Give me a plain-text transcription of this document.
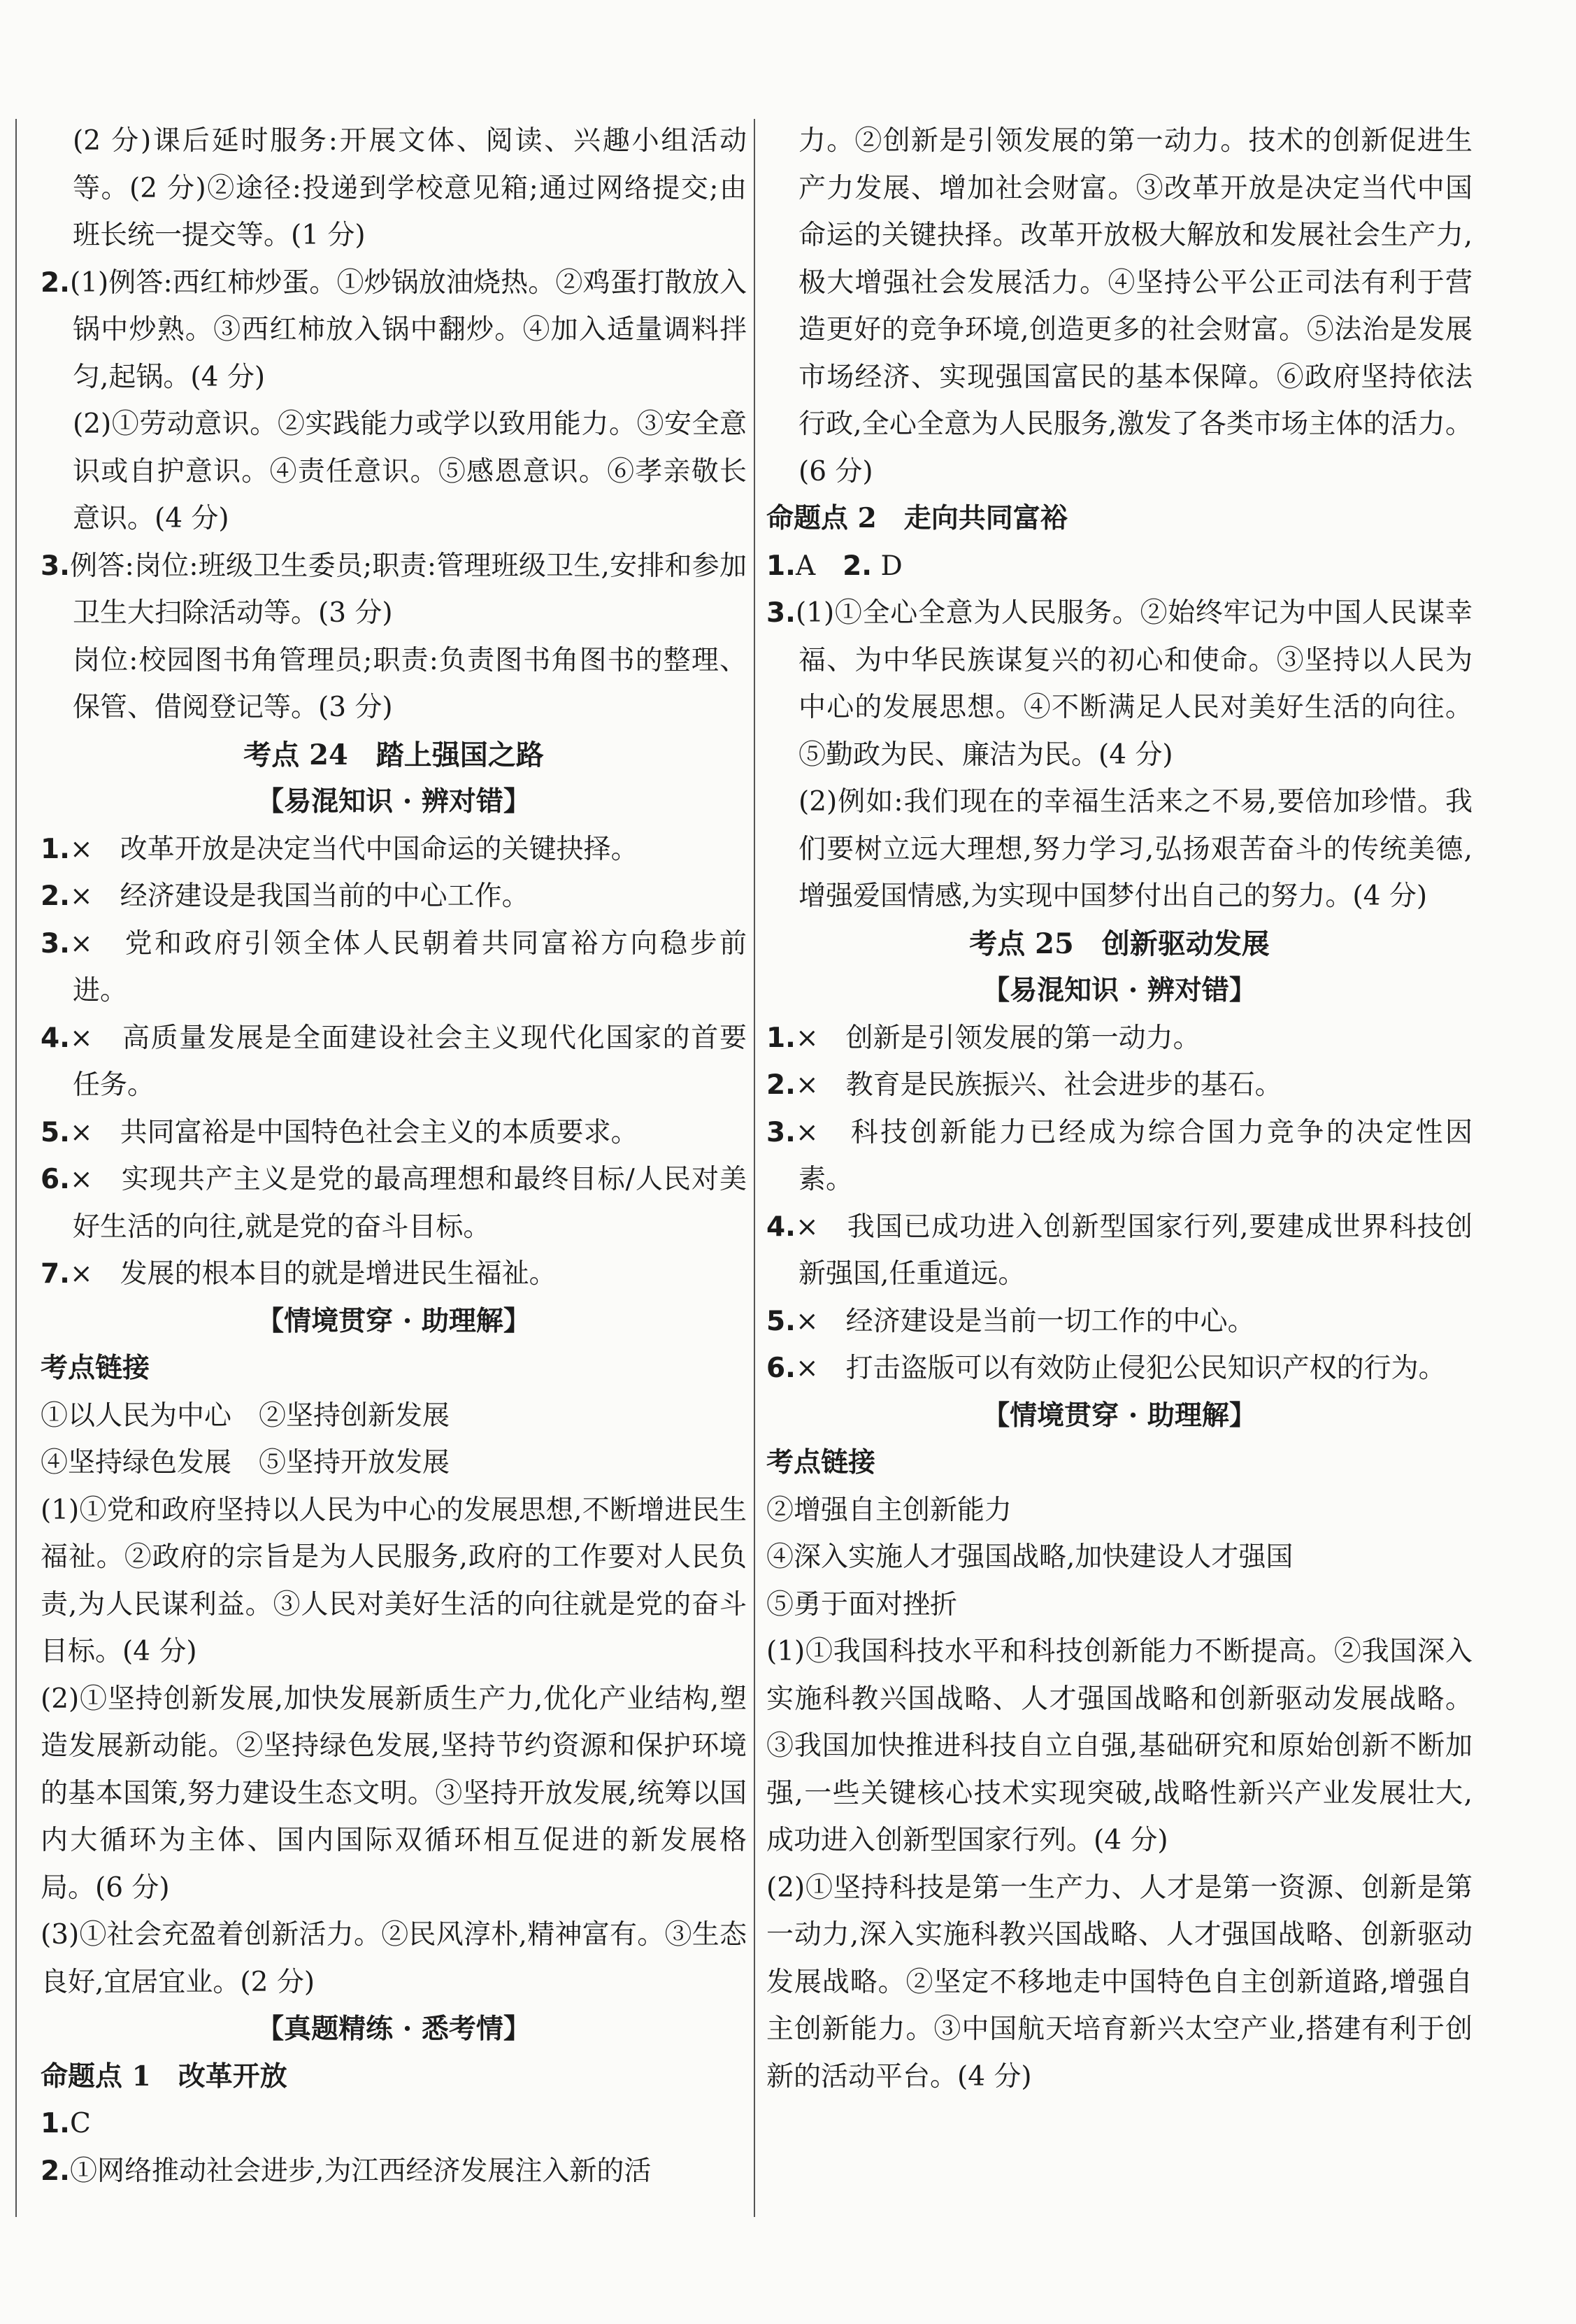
(2 分)课后延时服务:开展文体、阅读、兴趣小组活动等。(2 分)②途径:投递到学校意见箱;通过网络提交;由班长统一提交等。(1 分)

2.(1)例答:西红柿炒蛋。①炒锅放油烧热。②鸡蛋打散放入锅中炒熟。③西红柿放入锅中翻炒。④加入适量调料拌匀,起锅。(4 分)

(2)①劳动意识。②实践能力或学以致用能力。③安全意识或自护意识。④责任意识。⑤感恩意识。⑥孝亲敬长意识。(4 分)

3.例答:岗位:班级卫生委员;职责:管理班级卫生,安排和参加卫生大扫除活动等。(3 分)

岗位:校园图书角管理员;职责:负责图书角图书的整理、保管、借阅登记等。(3 分)

考点 24　踏上强国之路

【易混知识 · 辨对错】

1.×　改革开放是决定当代中国命运的关键抉择。

2.×　经济建设是我国当前的中心工作。

3.×　党和政府引领全体人民朝着共同富裕方向稳步前进。

4.×　高质量发展是全面建设社会主义现代化国家的首要任务。

5.×　共同富裕是中国特色社会主义的本质要求。

6.×　实现共产主义是党的最高理想和最终目标/人民对美好生活的向往,就是党的奋斗目标。

7.×　发展的根本目的就是增进民生福祉。

【情境贯穿 · 助理解】

考点链接

①以人民为中心　②坚持创新发展

④坚持绿色发展　⑤坚持开放发展

(1)①党和政府坚持以人民为中心的发展思想,不断增进民生福祉。②政府的宗旨是为人民服务,政府的工作要对人民负责,为人民谋利益。③人民对美好生活的向往就是党的奋斗目标。(4 分)

(2)①坚持创新发展,加快发展新质生产力,优化产业结构,塑造发展新动能。②坚持绿色发展,坚持节约资源和保护环境的基本国策,努力建设生态文明。③坚持开放发展,统筹以国内大循环为主体、国内国际双循环相互促进的新发展格局。(6 分)

(3)①社会充盈着创新活力。②民风淳朴,精神富有。③生态良好,宜居宜业。(2 分)

【真题精练 · 悉考情】

命题点 1　改革开放

1.C

2.①网络推动社会进步,为江西经济发展注入新的活

力。②创新是引领发展的第一动力。技术的创新促进生产力发展、增加社会财富。③改革开放是决定当代中国命运的关键抉择。改革开放极大解放和发展社会生产力,极大增强社会发展活力。④坚持公平公正司法有利于营造更好的竞争环境,创造更多的社会财富。⑤法治是发展市场经济、实现强国富民的基本保障。⑥政府坚持依法行政,全心全意为人民服务,激发了各类市场主体的活力。(6 分)

命题点 2　走向共同富裕

1.A　2. D

3.(1)①全心全意为人民服务。②始终牢记为中国人民谋幸福、为中华民族谋复兴的初心和使命。③坚持以人民为中心的发展思想。④不断满足人民对美好生活的向往。⑤勤政为民、廉洁为民。(4 分)

(2)例如:我们现在的幸福生活来之不易,要倍加珍惜。我们要树立远大理想,努力学习,弘扬艰苦奋斗的传统美德,增强爱国情感,为实现中国梦付出自己的努力。(4 分)

考点 25　创新驱动发展

【易混知识 · 辨对错】

1.×　创新是引领发展的第一动力。

2.×　教育是民族振兴、社会进步的基石。

3.×　科技创新能力已经成为综合国力竞争的决定性因素。

4.×　我国已成功进入创新型国家行列,要建成世界科技创新强国,任重道远。

5.×　经济建设是当前一切工作的中心。

6.×　打击盗版可以有效防止侵犯公民知识产权的行为。

【情境贯穿 · 助理解】

考点链接

②增强自主创新能力

④深入实施人才强国战略,加快建设人才强国

⑤勇于面对挫折

(1)①我国科技水平和科技创新能力不断提高。②我国深入实施科教兴国战略、人才强国战略和创新驱动发展战略。③我国加快推进科技自立自强,基础研究和原始创新不断加强,一些关键核心技术实现突破,战略性新兴产业发展壮大,成功进入创新型国家行列。(4 分)

(2)①坚持科技是第一生产力、人才是第一资源、创新是第一动力,深入实施科教兴国战略、人才强国战略、创新驱动发展战略。②坚定不移地走中国特色自主创新道路,增强自主创新能力。③中国航天培育新兴太空产业,搭建有利于创新的活动平台。(4 分)
